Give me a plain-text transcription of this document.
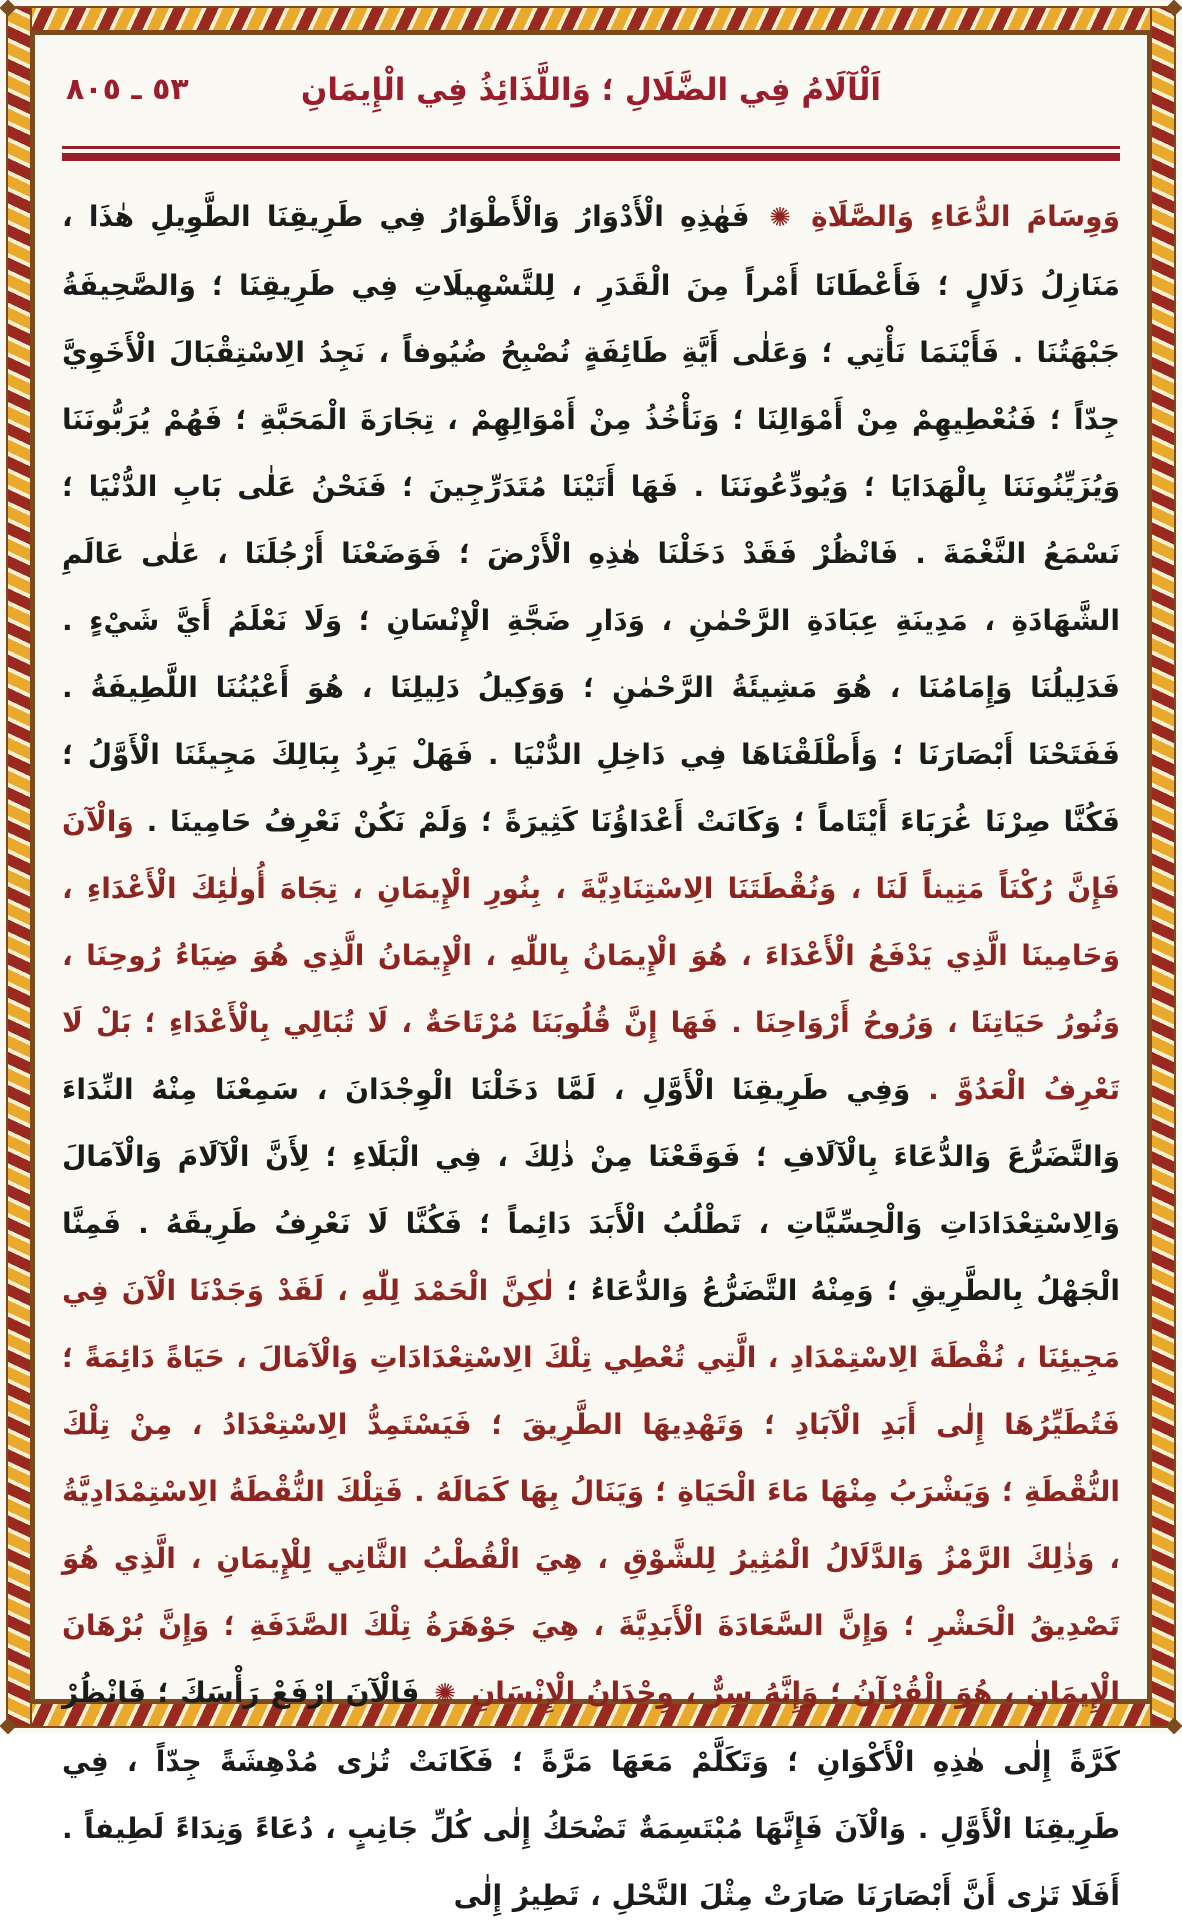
٥٣ ـ ٨٠٥	اَلْآلَامُ فِي الضَّلَالِ ؛ وَاللَّذَائِذُ فِي الْإِيمَانِ

وَوِسَامَ الدُّعَاءِ وَالصَّلَاةِ ✺ فَهٰذِهِ الْأَدْوَارُ وَالْأَطْوَارُ فِي طَرِيقِنَا الطَّوِيلِ هٰذَا ، مَنَازِلُ دَلَالٍ ؛ فَأَعْطَانَا أَمْراً مِنَ الْقَدَرِ ، لِلتَّسْهِيلَاتِ فِي طَرِيقِنَا ؛ وَالصَّحِيفَةُ جَبْهَتُنَا . فَأَيْنَمَا نَأْتِي ؛ وَعَلٰى أَيَّةِ طَائِفَةٍ نُصْبِحُ ضُيُوفاً ، نَجِدُ الِاسْتِقْبَالَ الْأَخَوِيَّ جِدّاً ؛ فَنُعْطِيهِمْ مِنْ أَمْوَالِنَا ؛ وَنَأْخُذُ مِنْ أَمْوَالِهِمْ ، تِجَارَةَ الْمَحَبَّةِ ؛ فَهُمْ يُرَبُّونَنَا وَيُزَيِّنُونَنَا بِالْهَدَايَا ؛ وَيُودِّعُونَنَا . فَهَا أَتَيْنَا مُتَدَرِّجِينَ ؛ فَنَحْنُ عَلٰى بَابِ الدُّنْيَا ؛ نَسْمَعُ النَّغْمَةَ . فَانْظُرْ فَقَدْ دَخَلْنَا هٰذِهِ الْأَرْضَ ؛ فَوَضَعْنَا أَرْجُلَنَا ، عَلٰى عَالَمِ الشَّهَادَةِ ، مَدِينَةِ عِبَادَةِ الرَّحْمٰنِ ، وَدَارِ ضَجَّةِ الْإِنْسَانِ ؛ وَلَا نَعْلَمُ أَيَّ شَيْءٍ . فَدَلِيلُنَا وَإِمَامُنَا ، هُوَ مَشِيئَةُ الرَّحْمٰنِ ؛ وَوَكِيلُ دَلِيلِنَا ، هُوَ أَعْيُنُنَا اللَّطِيفَةُ . فَفَتَحْنَا أَبْصَارَنَا ؛ وَأَطْلَقْنَاهَا فِي دَاخِلِ الدُّنْيَا . فَهَلْ يَرِدُ بِبَالِكَ مَجِيئَنَا الْأَوَّلُ ؛ فَكُنَّا صِرْنَا غُرَبَاءَ أَيْتَاماً ؛ وَكَانَتْ أَعْدَاؤُنَا كَثِيرَةً ؛ وَلَمْ نَكُنْ نَعْرِفُ حَامِينَا . وَالْآنَ فَإِنَّ رُكْنَاً مَتِيناً لَنَا ، وَنُقْطَتَنَا الِاسْتِنَادِيَّةَ ، بِنُورِ الْإِيمَانِ ، تِجَاهَ أُولٰئِكَ الْأَعْدَاءِ ، وَحَامِينَا الَّذِي يَدْفَعُ الْأَعْدَاءَ ، هُوَ الْإِيمَانُ بِاللّٰهِ ، الْإِيمَانُ الَّذِي هُوَ ضِيَاءُ رُوحِنَا ، وَنُورُ حَيَاتِنَا ، وَرُوحُ أَرْوَاحِنَا . فَهَا إِنَّ قُلُوبَنَا مُرْتَاحَةٌ ، لَا تُبَالِي بِالْأَعْدَاءِ ؛ بَلْ لَا تَعْرِفُ الْعَدُوَّ . وَفِي طَرِيقِنَا الْأَوَّلِ ، لَمَّا دَخَلْنَا الْوِجْدَانَ ، سَمِعْنَا مِنْهُ النِّدَاءَ وَالتَّضَرُّعَ وَالدُّعَاءَ بِالْآلَافِ ؛ فَوَقَعْنَا مِنْ ذٰلِكَ ، فِي الْبَلَاءِ ؛ لِأَنَّ الْآلَامَ وَالْآمَالَ وَالِاسْتِعْدَادَاتِ وَالْحِسِّيَّاتِ ، تَطْلُبُ الْأَبَدَ دَائِماً ؛ فَكُنَّا لَا نَعْرِفُ طَرِيقَهُ . فَمِنَّا الْجَهْلُ بِالطَّرِيقِ ؛ وَمِنْهُ التَّضَرُّعُ وَالدُّعَاءُ ؛ لٰكِنَّ الْحَمْدَ لِلّٰهِ ، لَقَدْ وَجَدْنَا الْآنَ فِي مَجِيئِنَا ، نُقْطَةَ الِاسْتِمْدَادِ ، الَّتِي تُعْطِي تِلْكَ الِاسْتِعْدَادَاتِ وَالْآمَالَ ، حَيَاةً دَائِمَةً ؛ فَتُطَيِّرُهَا إِلٰى أَبَدِ الْآبَادِ ؛ وَتَهْدِيهَا الطَّرِيقَ ؛ فَيَسْتَمِدُّ الِاسْتِعْدَادُ ، مِنْ تِلْكَ النُّقْطَةِ ؛ وَيَشْرَبُ مِنْهَا مَاءَ الْحَيَاةِ ؛ وَيَنَالُ بِهَا كَمَالَهُ . فَتِلْكَ النُّقْطَةُ الِاسْتِمْدَادِيَّةُ ، وَذٰلِكَ الرَّمْزُ وَالدَّلَالُ الْمُثِيرُ لِلشَّوْقِ ، هِيَ الْقُطْبُ الثَّانِي لِلْإِيمَانِ ، الَّذِي هُوَ تَصْدِيقُ الْحَشْرِ ؛ وَإِنَّ السَّعَادَةَ الْأَبَدِيَّةَ ، هِيَ جَوْهَرَةُ تِلْكَ الصَّدَفَةِ ؛ وَإِنَّ بُرْهَانَ الْإِيمَانِ ، هُوَ الْقُرْآنُ ؛ وَإِنَّهُ سِرٌّ ، وِجْدَانُ الْإِنْسَانِ ✺ فَالْآنَ ارْفَعْ رَأْسَكَ ؛ فَانْظُرْ كَرَّةً إِلٰى هٰذِهِ الْأَكْوَانِ ؛ وَتَكَلَّمْ مَعَهَا مَرَّةً ؛ فَكَانَتْ تُرٰى مُدْهِشَةً جِدّاً ، فِي طَرِيقِنَا الْأَوَّلِ . وَالْآنَ فَإِنَّهَا مُبْتَسِمَةٌ تَضْحَكُ إِلٰى كُلِّ جَانِبٍ ، دُعَاءً وَنِدَاءً لَطِيفاً . أَفَلَا تَرٰى أَنَّ أَبْصَارَنَا صَارَتْ مِثْلَ النَّحْلِ ، تَطِيرُ إِلٰى
